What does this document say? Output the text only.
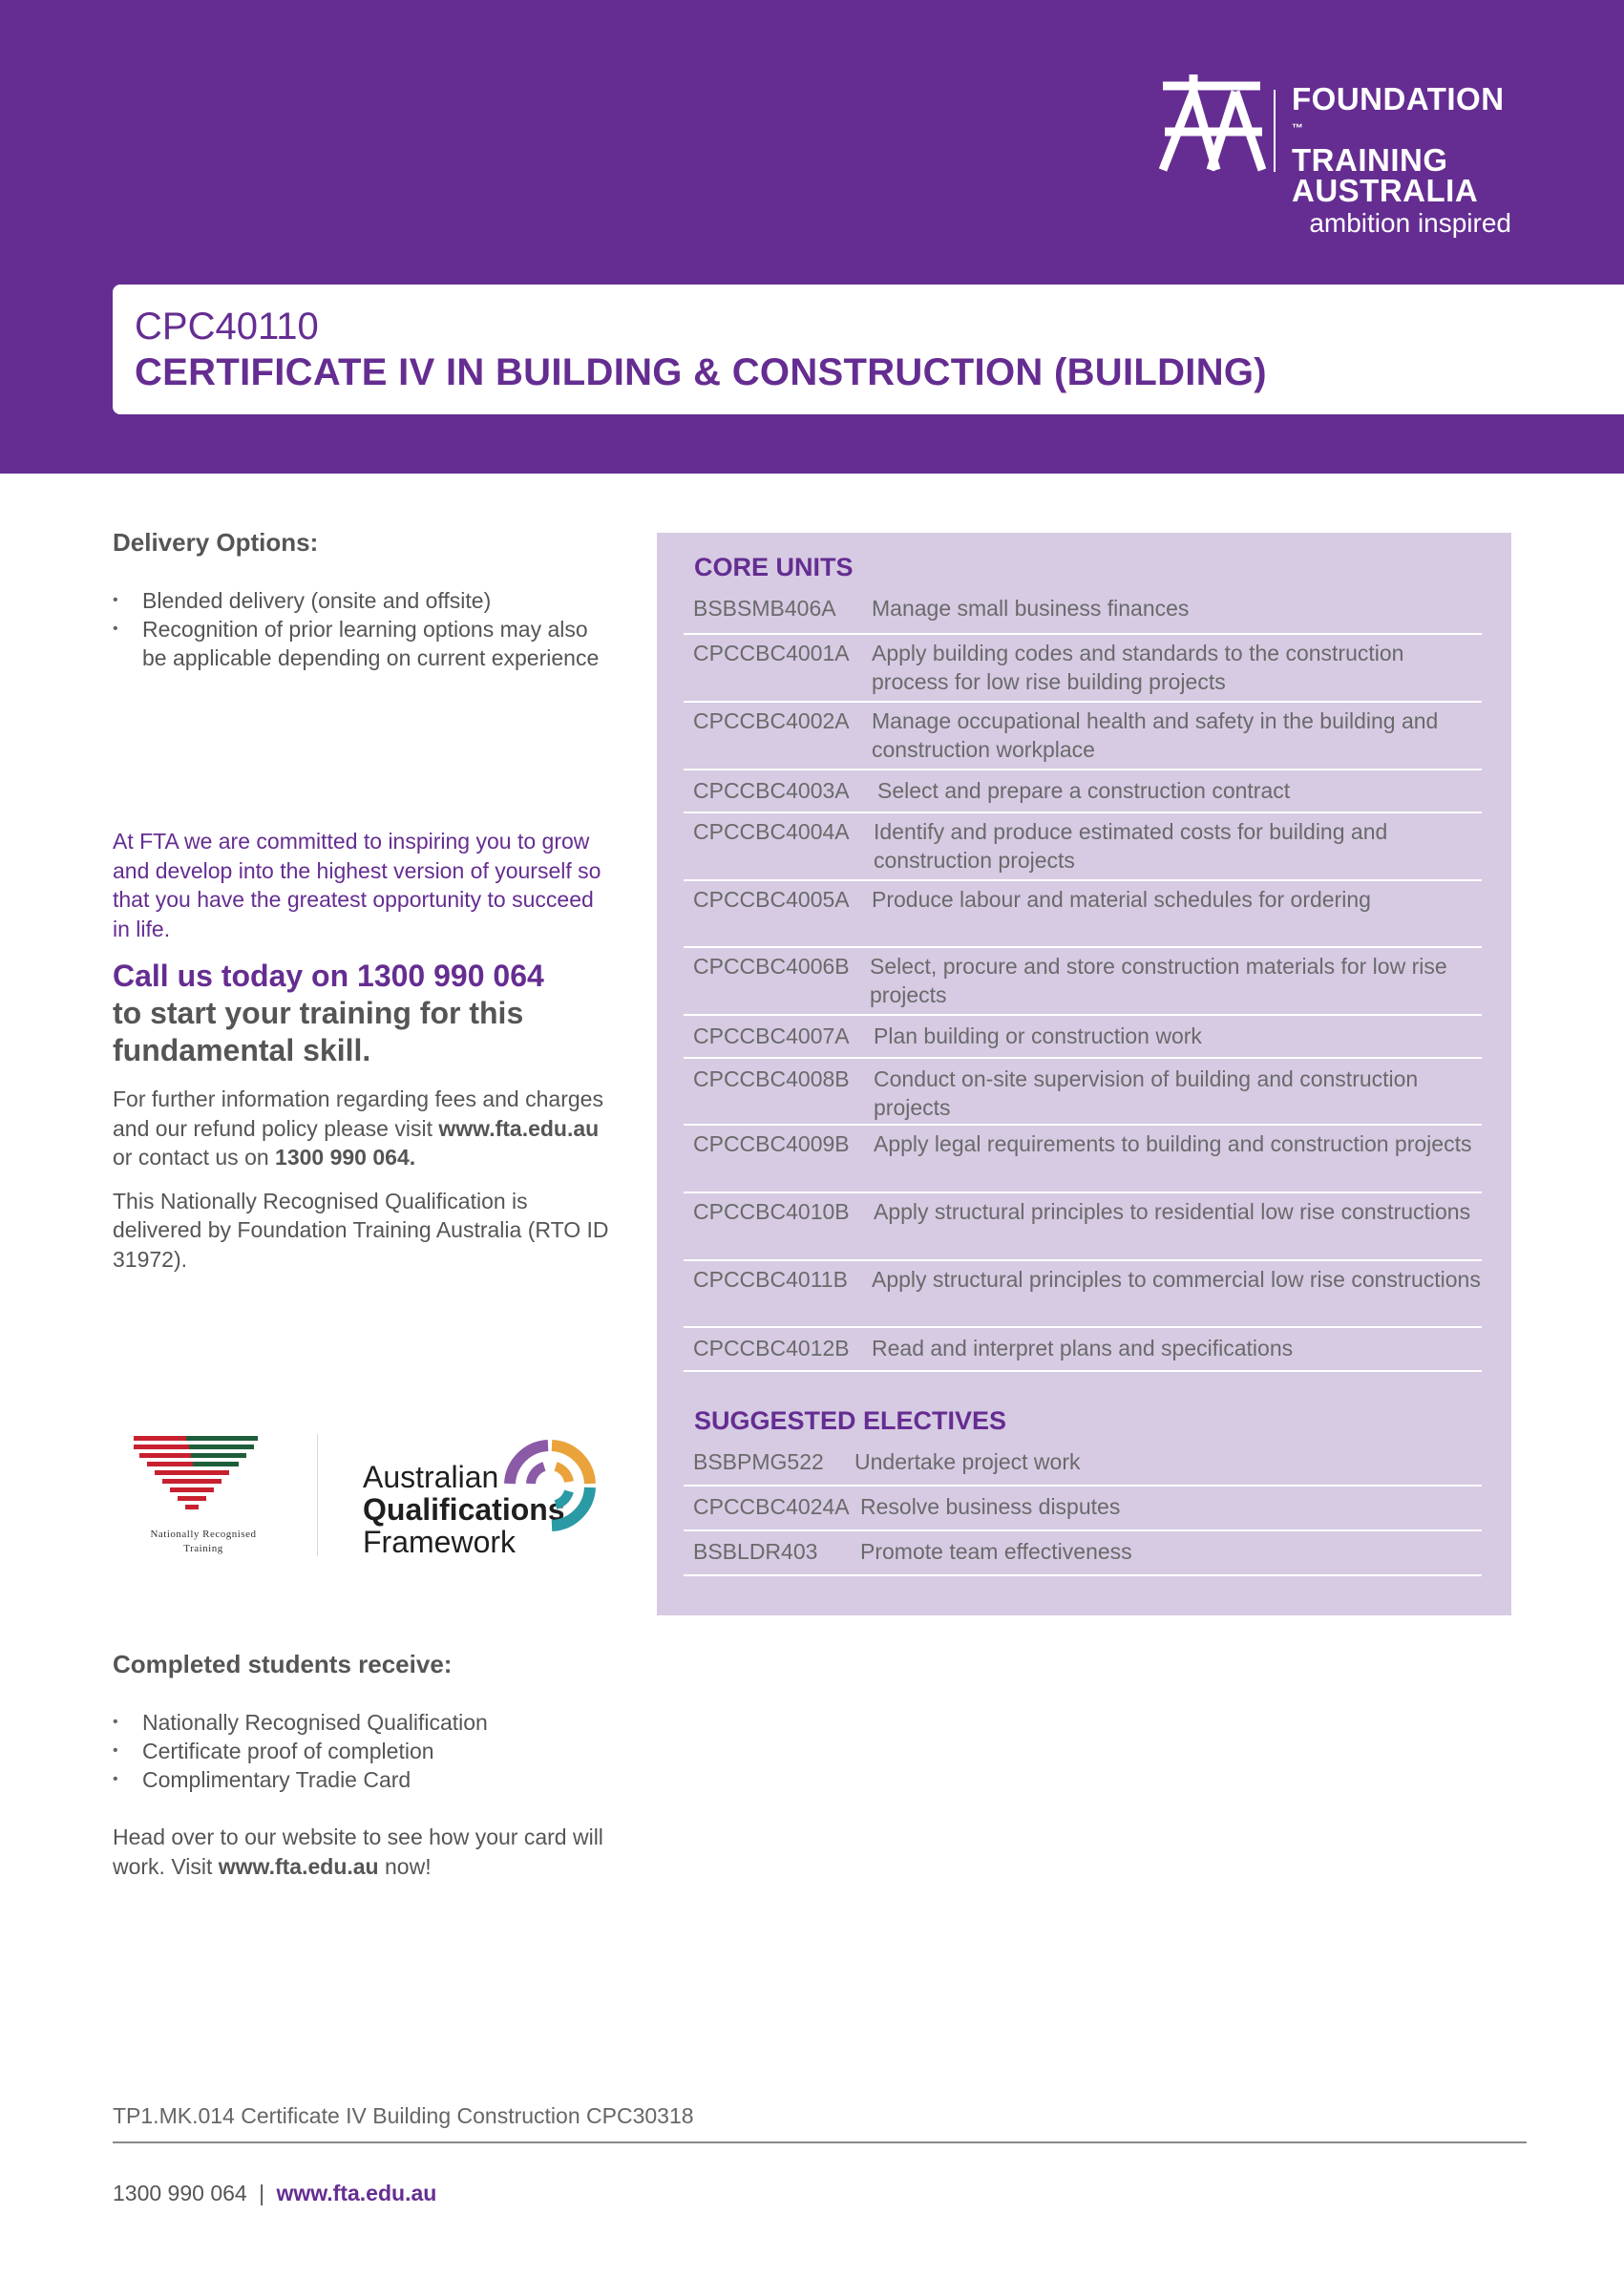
FOUNDATION
™
TRAINING
AUSTRALIA
ambition inspired
CPC40110
CERTIFICATE IV IN BUILDING & CONSTRUCTION (BUILDING)
Delivery Options:
• Blended delivery (onsite and offsite)
• Recognition of prior learning options may also be applicable depending on current experience

At FTA we are committed to inspiring you to grow and develop into the highest version of yourself so that you have the greatest opportunity to succeed in life.

Call us today on 1300 990 064
to start your training for this fundamental skill.

For further information regarding fees and charges and our refund policy please visit www.fta.edu.au or contact us on 1300 990 064.

This Nationally Recognised Qualification is delivered by Foundation Training Australia (RTO ID 31972).

Nationally Recognised
Training
Australian
Qualifications
Framework
Completed students receive:
• Nationally Recognised Qualification
• Certificate proof of completion
• Complimentary Tradie Card

Head over to our website to see how your card will work. Visit www.fta.edu.au now!

CORE UNITS
BSBSMB406A Manage small business finances
CPCCBC4001A Apply building codes and standards to the construction process for low rise building projects
CPCCBC4002A Manage occupational health and safety in the building and construction workplace
CPCCBC4003A Select and prepare a construction contract
CPCCBC4004A Identify and produce estimated costs for building and construction projects
CPCCBC4005A Produce labour and material schedules for ordering
CPCCBC4006B Select, procure and store construction materials for low rise projects
CPCCBC4007A Plan building or construction work
CPCCBC4008B Conduct on-site supervision of building and construction projects
CPCCBC4009B Apply legal requirements to building and construction projects
CPCCBC4010B Apply structural principles to residential low rise constructions
CPCCBC4011B Apply structural principles to commercial low rise constructions
CPCCBC4012B Read and interpret plans and specifications
SUGGESTED ELECTIVES
BSBPMG522 Undertake project work
CPCCBC4024A Resolve business disputes
BSBLDR403 Promote team effectiveness
TP1.MK.014 Certificate IV Building Construction CPC30318
1300 990 064 | www.fta.edu.au
